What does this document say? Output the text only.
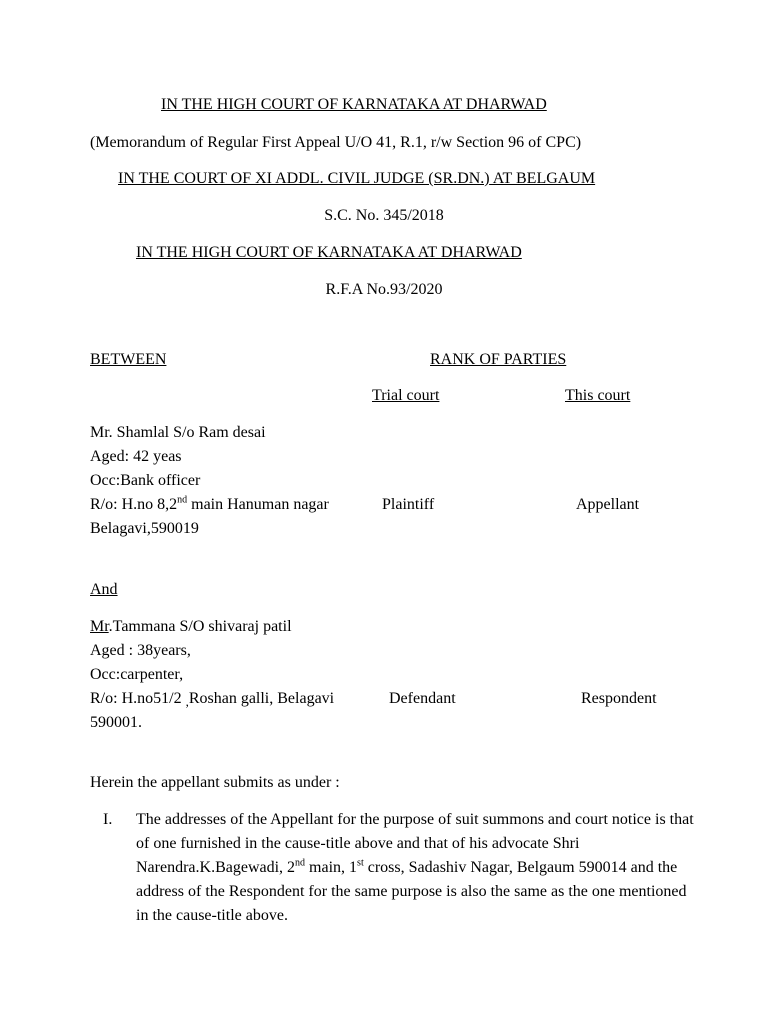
IN THE HIGH COURT OF KARNATAKA AT DHARWAD
(Memorandum of Regular First Appeal U/O 41, R.1, r/w Section 96 of CPC)
IN THE COURT OF XI ADDL. CIVIL JUDGE (SR.DN.) AT BELGAUM
S.C. No. 345/2018
IN THE HIGH COURT OF KARNATAKA AT DHARWAD
R.F.A No.93/2020
BETWEEN	RANK OF PARTIES
Trial court	This court
Mr. Shamlal S/o Ram desai
Aged: 42 yeas
Occ:Bank officer
R/o: H.no 8,2nd main Hanuman nagar
Belagavi,590019
Plaintiff	Appellant
And
Mr.Tammana S/O shivaraj patil
Aged : 38years,
Occ:carpenter,
R/o: H.no51/2 ,Roshan galli, Belagavi
590001.
Defendant	Respondent
Herein the appellant submits as under :
I. The addresses of the Appellant for the purpose of suit summons and court notice is that of one furnished in the cause-title above and that of his advocate Shri Narendra.K.Bagewadi, 2nd main, 1st cross, Sadashiv Nagar, Belgaum 590014 and the address of the Respondent for the same purpose is also the same as the one mentioned in the cause-title above.
